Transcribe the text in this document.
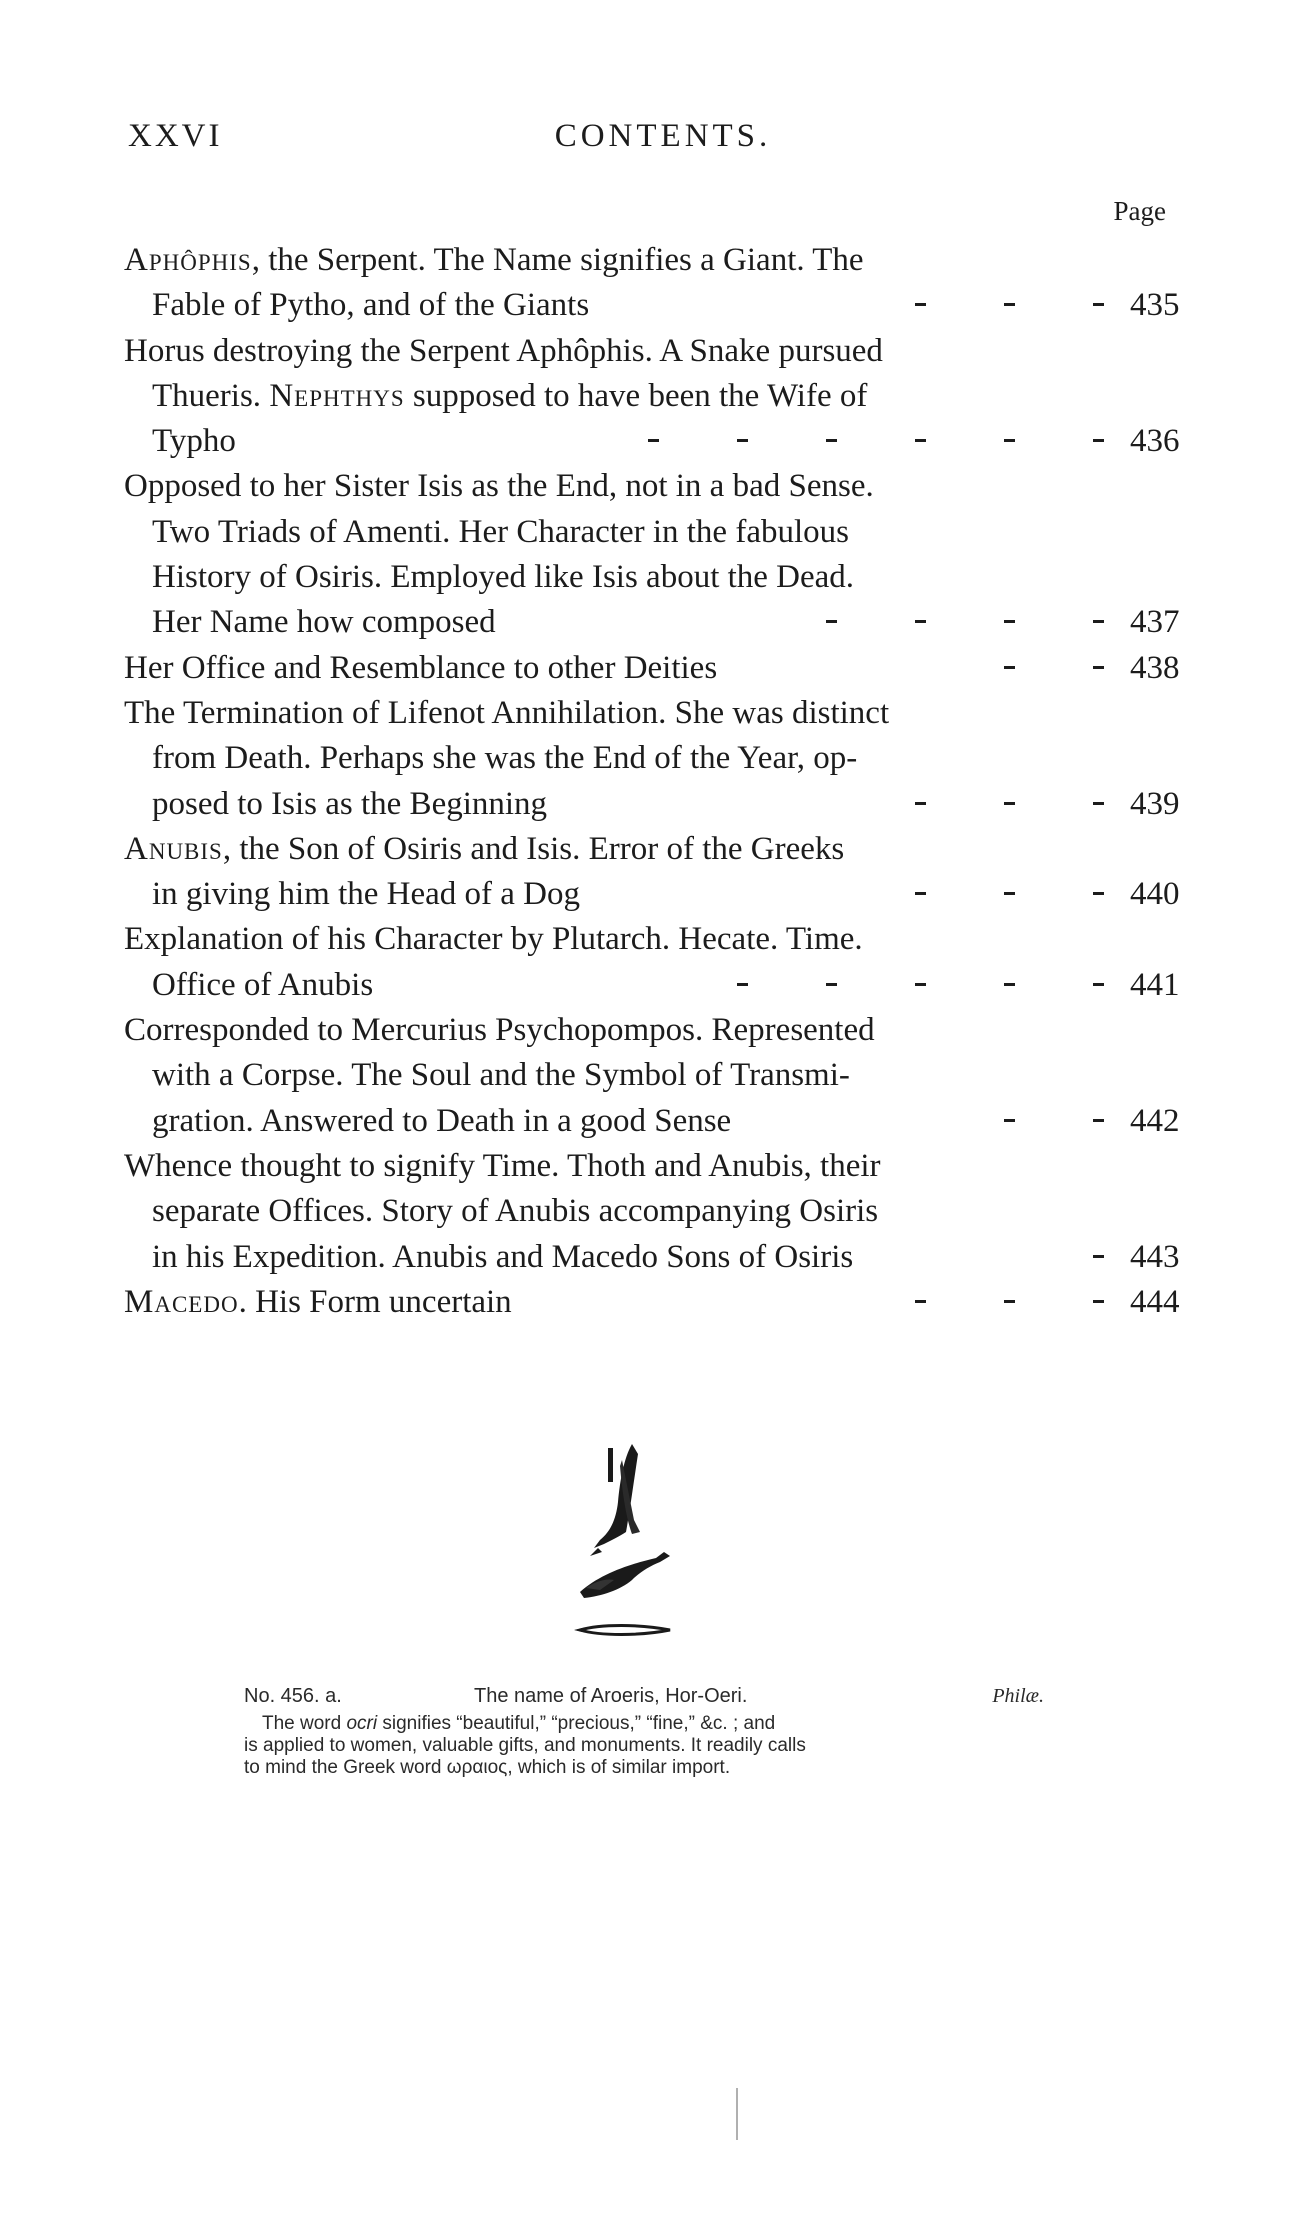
XXVI	CONTENTS.
Page
Aphôphis, the Serpent. The Name signifies a Giant. The
Fable of Pytho, and of the Giants	435
Horus destroying the Serpent Aphôphis. A Snake pursued
Thueris. Nephthys supposed to have been the Wife of
Typho	436
Opposed to her Sister Isis as the End, not in a bad Sense.
Two Triads of Amenti. Her Character in the fabulous
History of Osiris. Employed like Isis about the Dead.
Her Name how composed	437
Her Office and Resemblance to other Deities	438
The Termination of Lifenot Annihilation. She was distinct
from Death. Perhaps she was the End of the Year, op-
posed to Isis as the Beginning	439
Anubis, the Son of Osiris and Isis. Error of the Greeks
in giving him the Head of a Dog	440
Explanation of his Character by Plutarch. Hecate. Time.
Office of Anubis	441
Corresponded to Mercurius Psychopompos. Represented
with a Corpse. The Soul and the Symbol of Transmi-
gration. Answered to Death in a good Sense	442
Whence thought to signify Time. Thoth and Anubis, their
separate Offices. Story of Anubis accompanying Osiris
in his Expedition. Anubis and Macedo Sons of Osiris	443
Macedo. His Form uncertain	444
No. 456. a.	The name of Aroeris, Hor-Oeri.	Philæ.
The word ocri signifies “beautiful,” “precious,” “fine,” &c. ; and
is applied to women, valuable gifts, and monuments. It readily calls
to mind the Greek word ωραιος, which is of similar import.
